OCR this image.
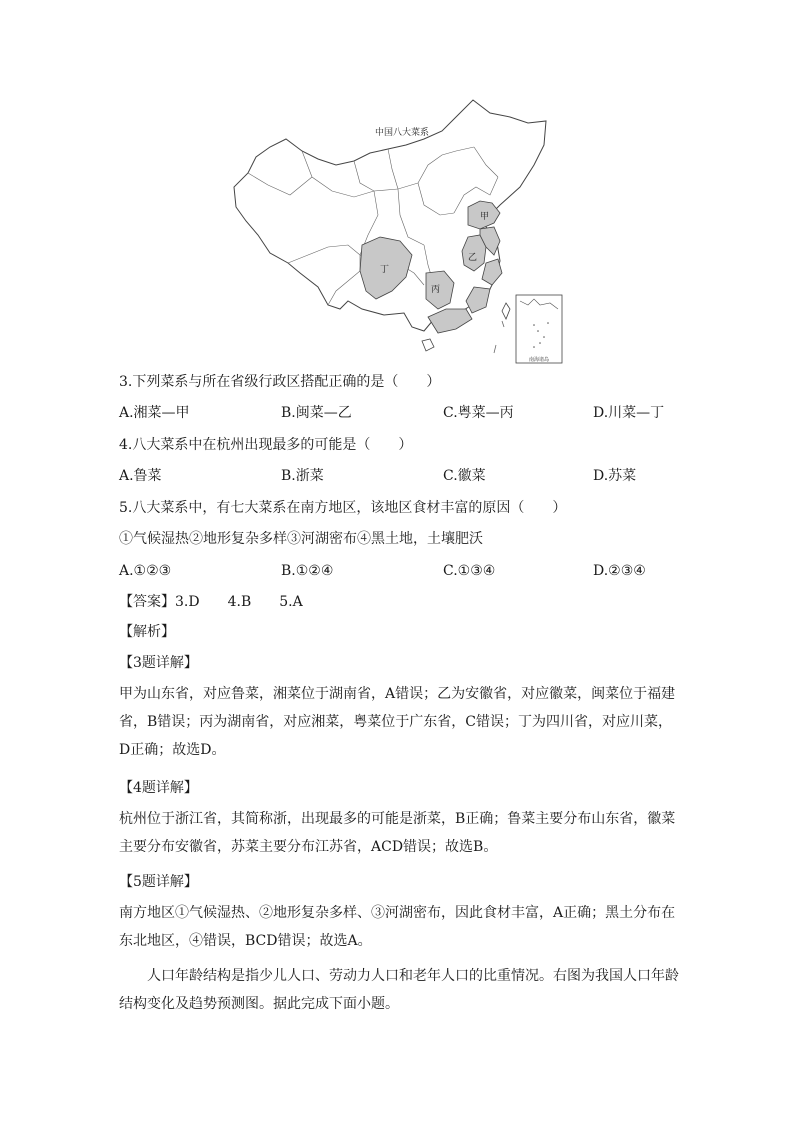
南海诸岛
中国八大菜系
甲
乙
丙
丁
3.下列菜系与所在省级行政区搭配正确的是（　　）
A.湘菜—甲	B.闽菜—乙	C.粤菜—丙	D.川菜—丁
4.八大菜系中在杭州出现最多的可能是（　　）
A.鲁菜	B.浙菜	C.徽菜	D.苏菜
5.八大菜系中，有七大菜系在南方地区，该地区食材丰富的原因（　　）
①气候湿热②地形复杂多样③河湖密布④黑土地，土壤肥沃
A.①②③	B.①②④	C.①③④	D.②③④
【答案】3.D　　4.B　　5.A
【解析】
【3题详解】
甲为山东省，对应鲁菜，湘菜位于湖南省，A错误；乙为安徽省，对应徽菜，闽菜位于福建省，B错误；丙为湖南省，对应湘菜，粤菜位于广东省，C错误；丁为四川省，对应川菜，D正确；故选D。
【4题详解】
杭州位于浙江省，其简称浙，出现最多的可能是浙菜，B正确；鲁菜主要分布山东省，徽菜主要分布安徽省，苏菜主要分布江苏省，ACD错误；故选B。
【5题详解】
南方地区①气候湿热、②地形复杂多样、③河湖密布，因此食材丰富，A正确；黑土分布在东北地区，④错误，BCD错误；故选A。
人口年龄结构是指少儿人口、劳动力人口和老年人口的比重情况。右图为我国人口年龄结构变化及趋势预测图。据此完成下面小题。
